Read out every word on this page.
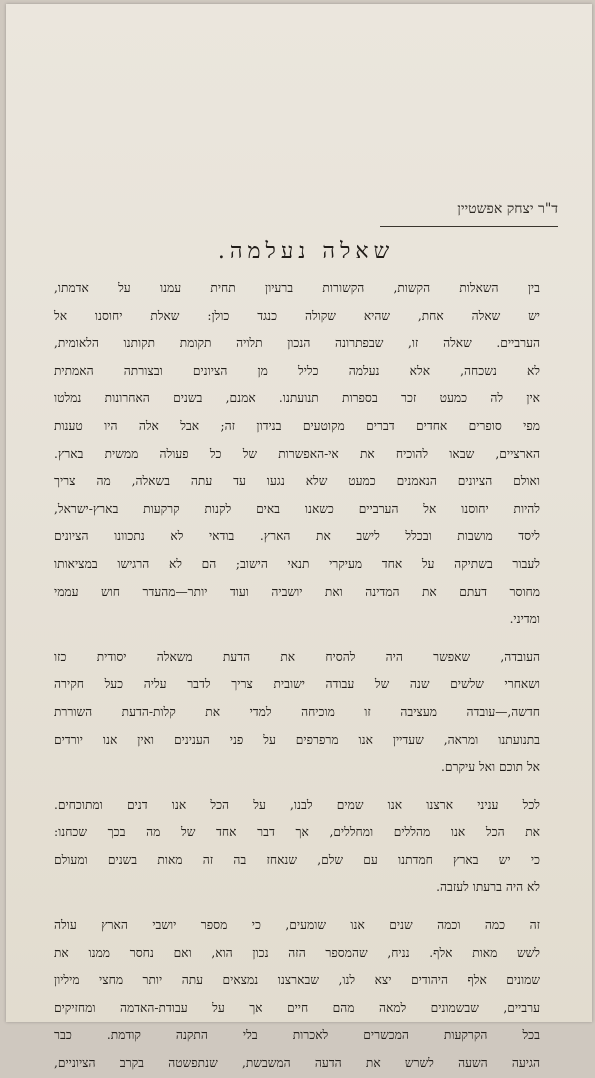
ד"ר יצחק אפשטיין
שאלה נעלמה.
בין השאלות הקשות, הקשורות ברעיון תחית עמנו על אדמתו,
יש שאלה אחת, שהיא שקולה כנגד כולן: שאלת יחוסנו אל
הערביים. שאלה זו, שבפתרונה הנכון תלויה תקומת תקותנו הלאומית,
לא נשכחה, אלא נעלמה כליל מן הציונים ובצורתה האמתית
אין לה כמעט זכר בספרות תנועתנו. אמנם, בשנים האחרונות נמלטו
מפי סופרים אחדים דברים מקוטעים בנידון זה; אבל אלה היו טענות
הארציים, שבאו להוכיח את אי-האפשרות של כל פעולה ממשית בארץ.
ואולם הציונים הנאמנים כמעט שלא נגעו עד עתה בשאלה, מה צריך
להיות יחוסנו אל הערביים כשאנו באים לקנות קרקעות בארץ-ישראל,
ליסד מושבות ובכלל לישב את הארץ. בודאי לא נתכוונו הציונים
לעבור בשתיקה על אחד מעיקרי תנאי הישוב; הם לא הרגישו במציאותו
מחוסר דעתם את המדינה ואת יושביה ועוד יותר—מהעדר חוש עממי
ומדיני.
העובדה, שאפשר היה להסיח את הדעת משאלה יסודית כזו
ושאחרי שלשים שנה של עבודה ישובית צריך לדבר עליה כעל חקירה
חדשה,—עובדה מעציבה זו מוכיחה למדי את קלות-הדעת השוררת
בתנועתנו ומראה, שעדיין אנו מרפרפים על פני הענינים ואין אנו יורדים
אל תוכם ואל עיקרם.
לכל עניני ארצנו אנו שמים לבנו, על הכל אנו דנים ומתוכחים.
את הכל אנו מהללים ומחללים, אך דבר אחד של מה בכך שכחנו:
כי יש בארץ חמדתנו עם שלם, שנאחז בה זה מאות בשנים ומעולם
לא היה ברעתו לעזבה.
זה כמה וכמה שנים אנו שומעים, כי מספר יושבי הארץ עולה
לשש מאות אלף. נניח, שהמספר הזה נכון הוא, ואם נחסר ממנו את
שמונים אלף היהודים יצא לנו, שבארצנו נמצאים עתה יותר מחצי מיליון
ערביים, שבשמונים למאה מהם חיים אך על עבודת-האדמה ומחזיקים
בכל הקרקעות המכשרים לאכרות בלי התקנה קודמת. כבר
הגיעה השעה לשרש את הדעה המשבשת, שנתפשטה בקרב הציוניים,
